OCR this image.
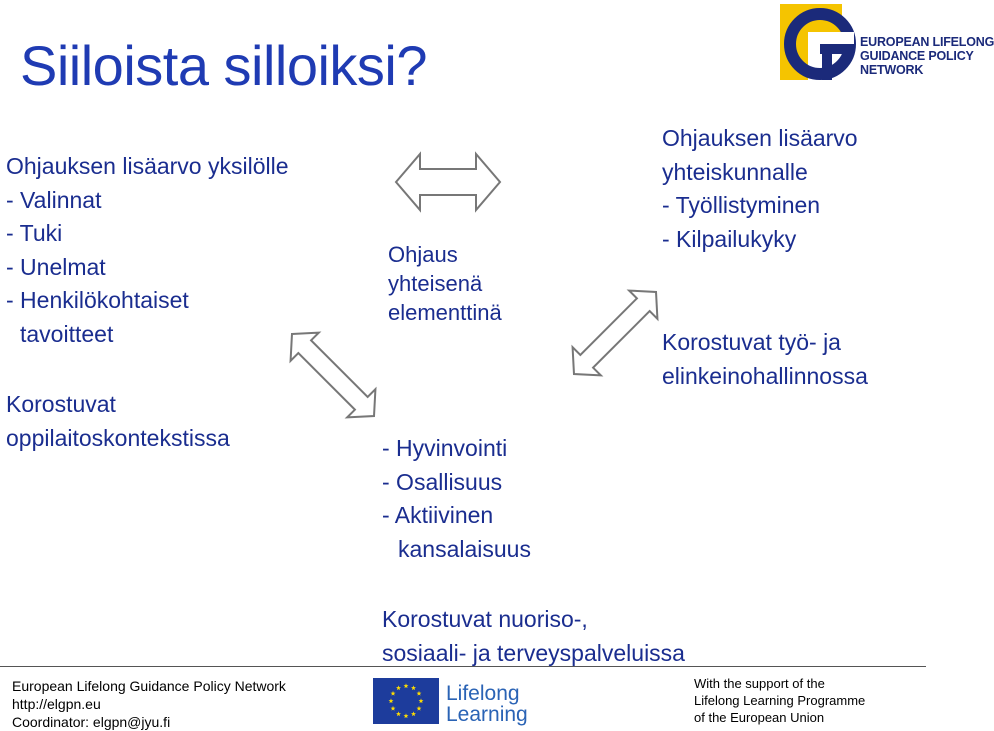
Siiloista silloiksi?	EUROPEAN LIFELONG
GUIDANCE POLICY
NETWORK
Ohjauksen lisäarvo yksilölle
- Valinnat
- Tuki
- Unelmat
- Henkilökohtaiset
tavoitteet
Korostuvat
oppilaitoskontekstissa
Ohjaus
yhteisenä
elementtinä
- Hyvinvointi
- Osallisuus
- Aktiivinen
kansalaisuus
Ohjauksen lisäarvo
yhteiskunnalle
- Työllistyminen
- Kilpailukyky
Korostuvat työ- ja
elinkeinohallinnossa
Korostuvat nuoriso-,
sosiaali- ja terveyspalveluissa
European Lifelong Guidance Policy Network
http://elgpn.eu
Coordinator: elgpn@jyu.fi
Lifelong
Learning
With the support of the
Lifelong Learning Programme
of the European Union
